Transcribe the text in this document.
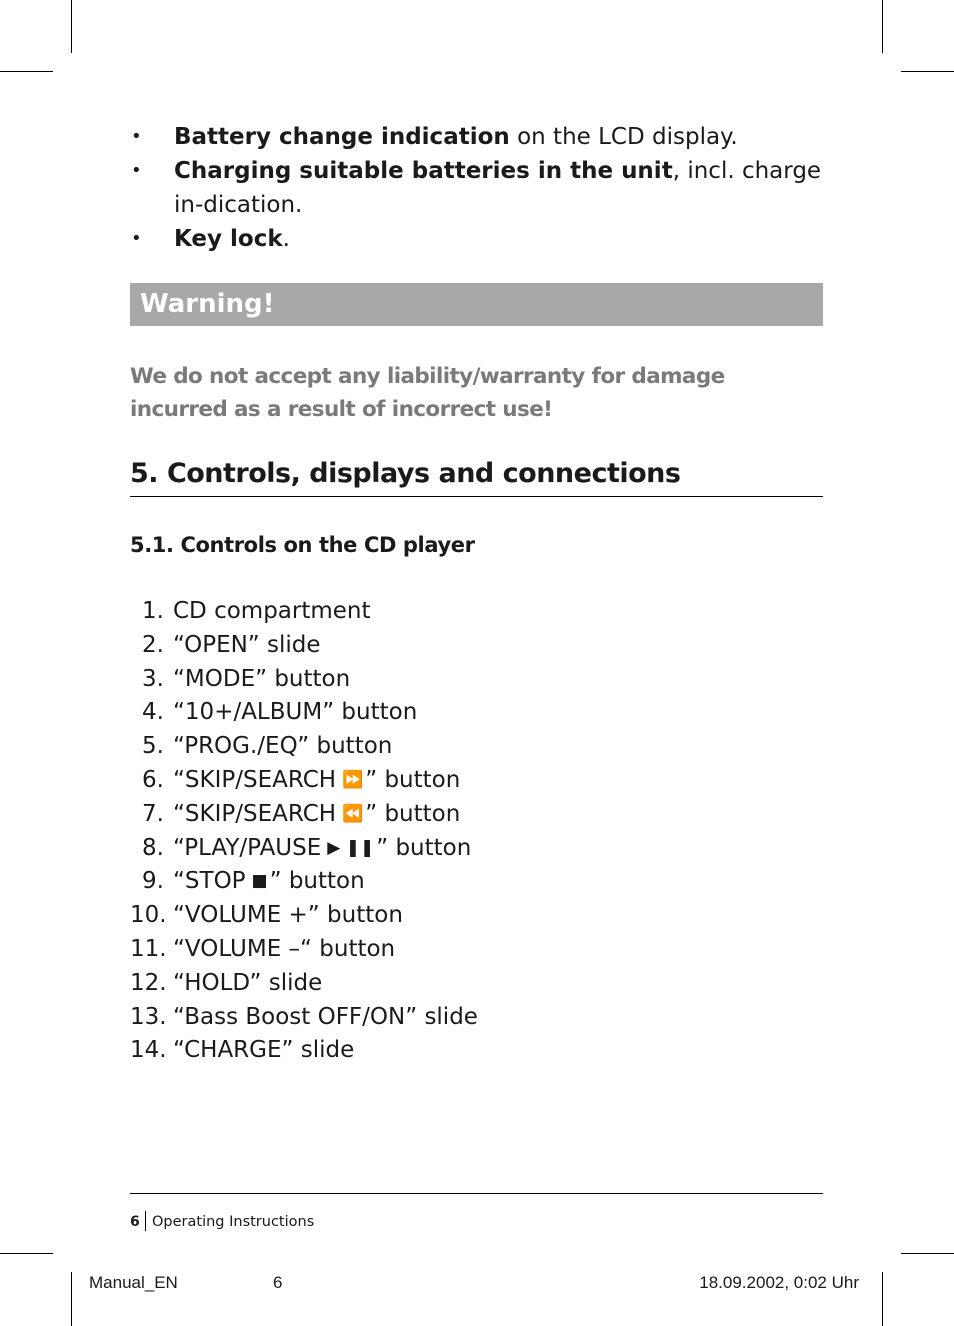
•	Battery change indication on the LCD display.
•	Charging suitable batteries in the unit, incl. charge in-dication.
•	Key lock.
Warning!
We do not accept any liability/warranty for damage incurred as a result of incorrect use!
5. Controls, displays and connections
5.1. Controls on the CD player
1. CD compartment
2. “OPEN” slide
3. “MODE” button
4. “10+/ALBUM” button
5. “PROG./EQ” button
6. “SKIP/SEARCH ⏩ ” button
7. “SKIP/SEARCH ⏪ ” button
8. “PLAY/PAUSE ▶ ❚❚ ” button
9. “STOP ■ ” button
10. “VOLUME +” button
11. “VOLUME –“ button
12. “HOLD” slide
13. “Bass Boost OFF/ON” slide
14. “CHARGE” slide
6 Operating Instructions
Manual_EN	6	18.09.2002, 0:02 Uhr
